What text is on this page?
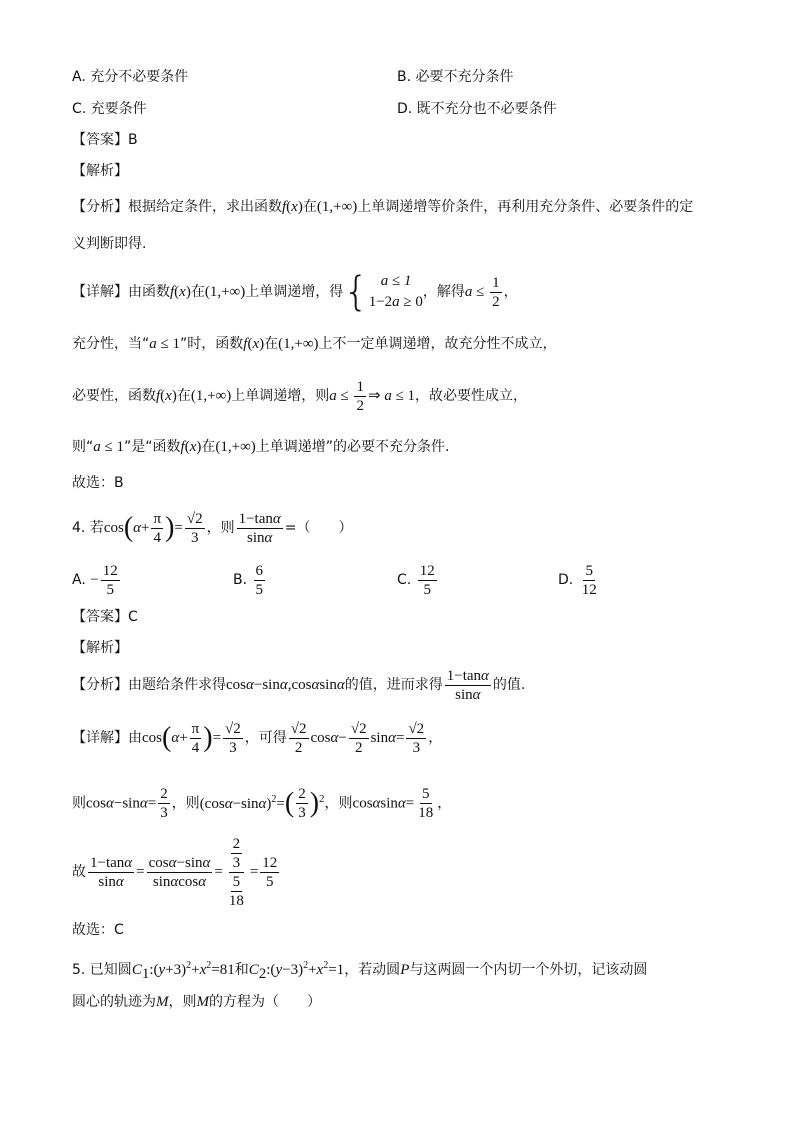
A. 充分不必要条件	B. 必要不充分条件
C. 充要条件	D. 既不充分也不必要条件
【答案】B
【解析】
【分析】根据给定条件，求出函数f(x)在(1,+∞)上单调递增等价条件，再利用充分条件、必要条件的定
义判断即得.
【详解】由函数f(x)在(1,+∞)上单调递增，得 { a ≤ 1
1−2a ≥ 0
，解得$a \le \frac{1}{2}$ ，
充分性，当“a ≤ 1”时，函数f(x)在(1,+∞)上不一定单调递增，故充分性不成立，
必要性，函数f(x)在(1,+∞)上单调递增，则$a \le \frac{1}{2}$ ⇒ a ≤ 1，故必要性成立，
则“a ≤ 1”是“函数f(x)在(1,+∞)上单调递增”的必要不充分条件.
故选：B
4. 若$\cos(\alpha+ \frac{\pi}{4}$ )= $\frac{√2}{3}$ ，则 $\frac{1-\tan\alpha}{\sin\alpha}$ =（　　）
A. − $\frac{12}{5}$	B. $\frac{6}{5}$	C. $\frac{12}{5}$	D. $\frac{5}{12}$
【答案】C
【解析】
【分析】由题给条件求得cosα−sinα,cosαsinα的值，进而求得 $\frac{1-\tan\alpha}{\sin\alpha}$ 的值.
【详解】由$\cos(\alpha+ \frac{\pi}{4}$ )= $\frac{√2}{3}$ ，可得 $\frac{√2}{2} \cos\alpha- \frac{√2}{2} \sin\alpha= \frac{√2}{3}$ ，
则$\cos\alpha-\sin\alpha= \frac{2}{3}$ ，则$(\cos\alpha-\sin\alpha)^2=( \frac{2}{3} )^2$，则$\cos\alpha\sin\alpha= \frac{5}{18}$ ，
故 $\frac{1-\tan\alpha}{\sin\alpha} = \frac{\cos\alpha-\sin\alpha}{\sin\alpha\cos\alpha} = \frac{\frac{2}{3}}{\frac{5}{18}} = \frac{12}{5}$
故选：C
5. 已知圆$C_1:(y+3)^2+x^2=81$和$C_2:(y-3)^2+x^2=1$，若动圆P与这两圆一个内切一个外切，记该动圆
圆心的轨迹为M，则M的方程为（　　）
